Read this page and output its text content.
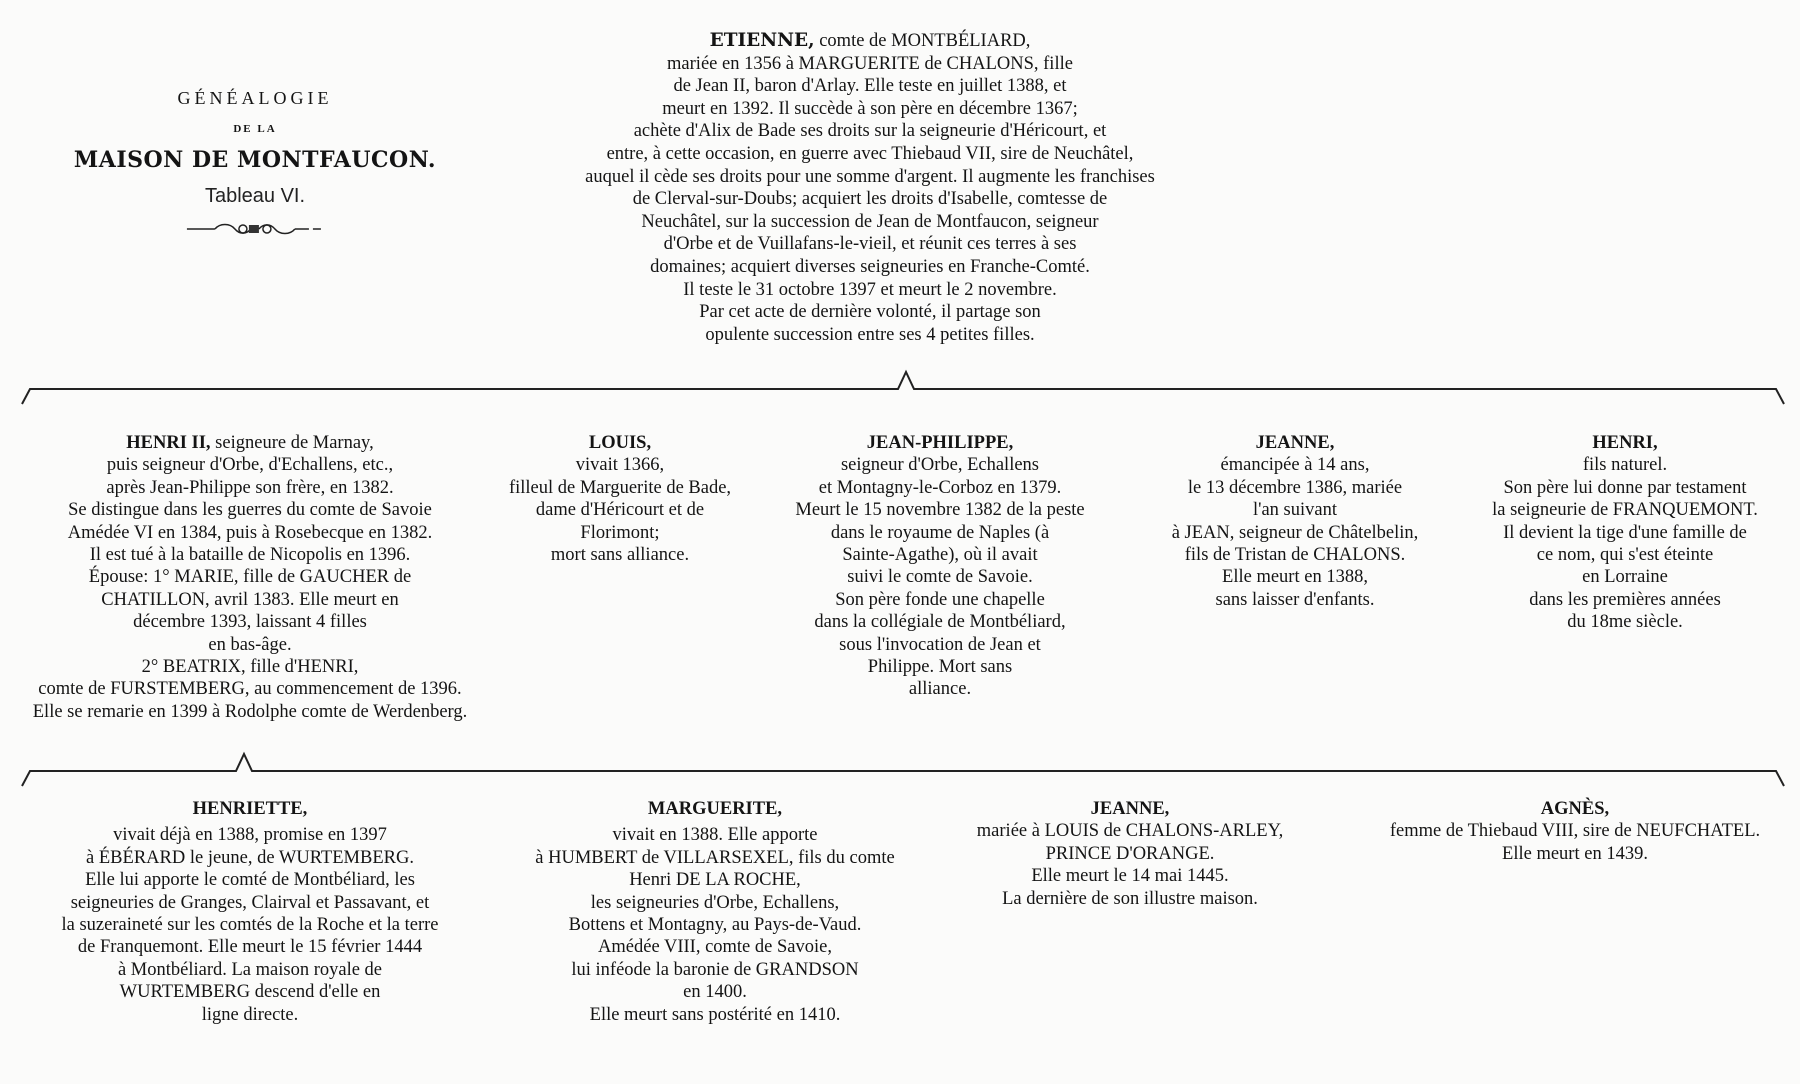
GÉNÉALOGIE
DE LA
MAISON DE MONTFAUCON.
Tableau VI.
ETIENNE, comte de MONTBÉLIARD,
mariée en 1356 à MARGUERITE de CHALONS, fille
de Jean II, baron d'Arlay. Elle teste en juillet 1388, et
meurt en 1392. Il succède à son père en décembre 1367;
achète d'Alix de Bade ses droits sur la seigneurie d'Héricourt, et
entre, à cette occasion, en guerre avec Thiebaud VII, sire de Neuchâtel,
auquel il cède ses droits pour une somme d'argent. Il augmente les franchises
de Clerval-sur-Doubs; acquiert les droits d'Isabelle, comtesse de
Neuchâtel, sur la succession de Jean de Montfaucon, seigneur
d'Orbe et de Vuillafans-le-vieil, et réunit ces terres à ses
domaines; acquiert diverses seigneuries en Franche-Comté.
Il teste le 31 octobre 1397 et meurt le 2 novembre.
Par cet acte de dernière volonté, il partage son
opulente succession entre ses 4 petites filles.
HENRI II, seigneure de Marnay,
puis seigneur d'Orbe, d'Echallens, etc.,
après Jean-Philippe son frère, en 1382.
Se distingue dans les guerres du comte de Savoie
Amédée VI en 1384, puis à Rosebecque en 1382.
Il est tué à la bataille de Nicopolis en 1396.
Épouse: 1° MARIE, fille de GAUCHER de
CHATILLON, avril 1383. Elle meurt en
décembre 1393, laissant 4 filles
en bas-âge.
2° BEATRIX, fille d'HENRI,
comte de FURSTEMBERG, au commencement de 1396.
Elle se remarie en 1399 à Rodolphe comte de Werdenberg.
LOUIS,
vivait 1366,
filleul de Marguerite de Bade,
dame d'Héricourt et de
Florimont;
mort sans alliance.
JEAN-PHILIPPE,
seigneur d'Orbe, Echallens
et Montagny-le-Corboz en 1379.
Meurt le 15 novembre 1382 de la peste
dans le royaume de Naples (à
Sainte-Agathe), où il avait
suivi le comte de Savoie.
Son père fonde une chapelle
dans la collégiale de Montbéliard,
sous l'invocation de Jean et
Philippe. Mort sans
alliance.
JEANNE,
émancipée à 14 ans,
le 13 décembre 1386, mariée
l'an suivant
à JEAN, seigneur de Châtelbelin,
fils de Tristan de CHALONS.
Elle meurt en 1388,
sans laisser d'enfants.
HENRI,
fils naturel.
Son père lui donne par testament
la seigneurie de FRANQUEMONT.
Il devient la tige d'une famille de
ce nom, qui s'est éteinte
en Lorraine
dans les premières années
du 18me siècle.
HENRIETTE,
vivait déjà en 1388, promise en 1397
à ÉBÉRARD le jeune, de WURTEMBERG.
Elle lui apporte le comté de Montbéliard, les
seigneuries de Granges, Clairval et Passavant, et
la suzeraineté sur les comtés de la Roche et la terre
de Franquemont. Elle meurt le 15 février 1444
à Montbéliard. La maison royale de
WURTEMBERG descend d'elle en
ligne directe.
MARGUERITE,
vivait en 1388. Elle apporte
à HUMBERT de VILLARSEXEL, fils du comte
Henri DE LA ROCHE,
les seigneuries d'Orbe, Echallens,
Bottens et Montagny, au Pays-de-Vaud.
Amédée VIII, comte de Savoie,
lui inféode la baronie de GRANDSON
en 1400.
Elle meurt sans postérité en 1410.
JEANNE,
mariée à LOUIS de CHALONS-ARLEY,
PRINCE D'ORANGE.
Elle meurt le 14 mai 1445.
La dernière de son illustre maison.
AGNÈS,
femme de Thiebaud VIII, sire de NEUFCHATEL.
Elle meurt en 1439.
